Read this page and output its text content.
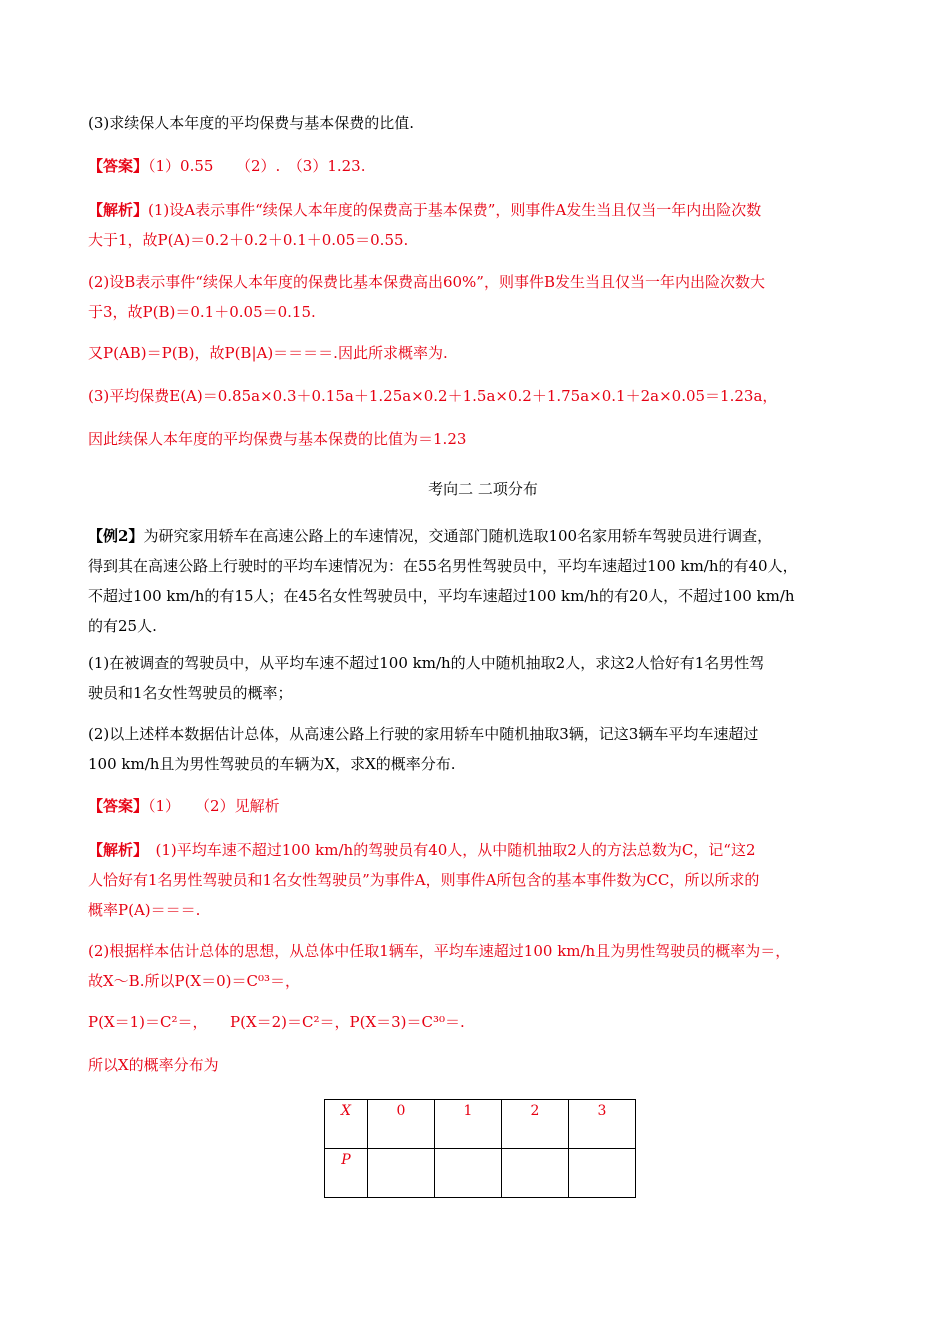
(3)求续保人本年度的平均保费与基本保费的比值.

【答案】（1）0.55　　（2）.　（3）1.23.

【解析】(1)设A表示事件“续保人本年度的保费高于基本保费”，则事件A发生当且仅当一年内出险次数
大于1，故P(A)＝0.2＋0.2＋0.1＋0.05＝0.55.

(2)设B表示事件“续保人本年度的保费比基本保费高出60%”，则事件B发生当且仅当一年内出险次数大
于3，故P(B)＝0.1＋0.05＝0.15.

又P(AB)＝P(B)，故P(B|A)＝＝＝＝.因此所求概率为.

(3)平均保费E(A)＝0.85a×0.3＋0.15a＋1.25a×0.2＋1.5a×0.2＋1.75a×0.1＋2a×0.05＝1.23a，

因此续保人本年度的平均保费与基本保费的比值为＝1.23

考向二 二项分布

【例2】为研究家用轿车在高速公路上的车速情况，交通部门随机选取100名家用轿车驾驶员进行调查，
得到其在高速公路上行驶时的平均车速情况为：在55名男性驾驶员中，平均车速超过100 km/h的有40人，
不超过100 km/h的有15人；在45名女性驾驶员中，平均车速超过100 km/h的有20人，不超过100 km/h
的有25人.

(1)在被调查的驾驶员中，从平均车速不超过100 km/h的人中随机抽取2人，求这2人恰好有1名男性驾
驶员和1名女性驾驶员的概率；

(2)以上述样本数据估计总体，从高速公路上行驶的家用轿车中随机抽取3辆，记这3辆车平均车速超过
100 km/h且为男性驾驶员的车辆为X，求X的概率分布.

【答案】（1）　　（2）见解析

【解析】　(1)平均车速不超过100 km/h的驾驶员有40人，从中随机抽取2人的方法总数为C，记“这2
人恰好有1名男性驾驶员和1名女性驾驶员”为事件A，则事件A所包含的基本事件数为CC，所以所求的
概率P(A)＝＝＝.

(2)根据样本估计总体的思想，从总体中任取1辆车，平均车速超过100 km/h且为男性驾驶员的概率为＝，
故X～B.所以P(X＝0)＝C⁰³＝，

P(X＝1)＝C²＝，　　P(X＝2)＝C²＝，P(X＝3)＝C³⁰＝.

所以X的概率分布为

X	0	1	2	3
P				
